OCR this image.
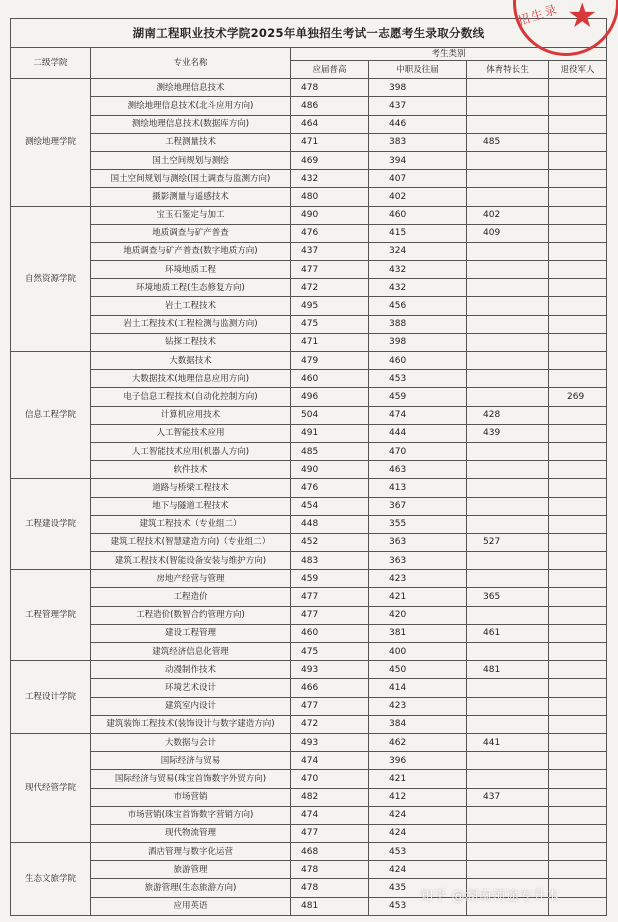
湖南工程职业技术学院2025年单独招生考试一志愿考生录取分数线					
二级学院	专业名称	考生类别			
		应届普高	中职及往届	体育特长生	退役军人
测绘地理学院	测绘地理信息技术	478	398		
	测绘地理信息技术(北斗应用方向)	486	437		
	测绘地理信息技术(数据库方向)	464	446		
	工程测量技术	471	383	485	
	国土空间规划与测绘	469	394		
	国土空间规划与测绘(国土调查与监测方向)	432	407		
	摄影测量与遥感技术	480	402		
自然资源学院	宝玉石鉴定与加工	490	460	402	
	地质调查与矿产普查	476	415	409	
	地质调查与矿产普查(数字地质方向)	437	324		
	环境地质工程	477	432		
	环境地质工程(生态修复方向)	472	432		
	岩土工程技术	495	456		
	岩土工程技术(工程检测与监测方向)	475	388		
	钻探工程技术	471	398		
信息工程学院	大数据技术	479	460		
	大数据技术(地理信息应用方向)	460	453		
	电子信息工程技术(自动化控制方向)	496	459		269
	计算机应用技术	504	474	428	
	人工智能技术应用	491	444	439	
	人工智能技术应用(机器人方向)	485	470		
	软件技术	490	463		
工程建设学院	道路与桥梁工程技术	476	413		
	地下与隧道工程技术	454	367		
	建筑工程技术（专业组二）	448	355		
	建筑工程技术(智慧建造方向)（专业组二）	452	363	527	
	建筑工程技术(智能设备安装与维护方向)	483	363		
工程管理学院	房地产经营与管理	459	423		
	工程造价	477	421	365	
	工程造价(数智合约管理方向)	477	420		
	建设工程管理	460	381	461	
	建筑经济信息化管理	475	400		
工程设计学院	动漫制作技术	493	450	481	
	环境艺术设计	466	414		
	建筑室内设计	477	423		
	建筑装饰工程技术(装饰设计与数字建造方向)	472	384		
现代经管学院	大数据与会计	493	462	441	
	国际经济与贸易	474	396		
	国际经济与贸易(珠宝首饰数字外贸方向)	470	421		
	市场营销	482	412	437	
	市场营销(珠宝首饰数字营销方向)	474	424		
	现代物流管理	477	424		
生态文旅学院	酒店管理与数字化运营	468	453		
	旅游管理	478	424		
	旅游管理(生态旅游方向)	478	435		
	应用英语	481	453		
招生录 ★
知乎 @湖南领途专升本
